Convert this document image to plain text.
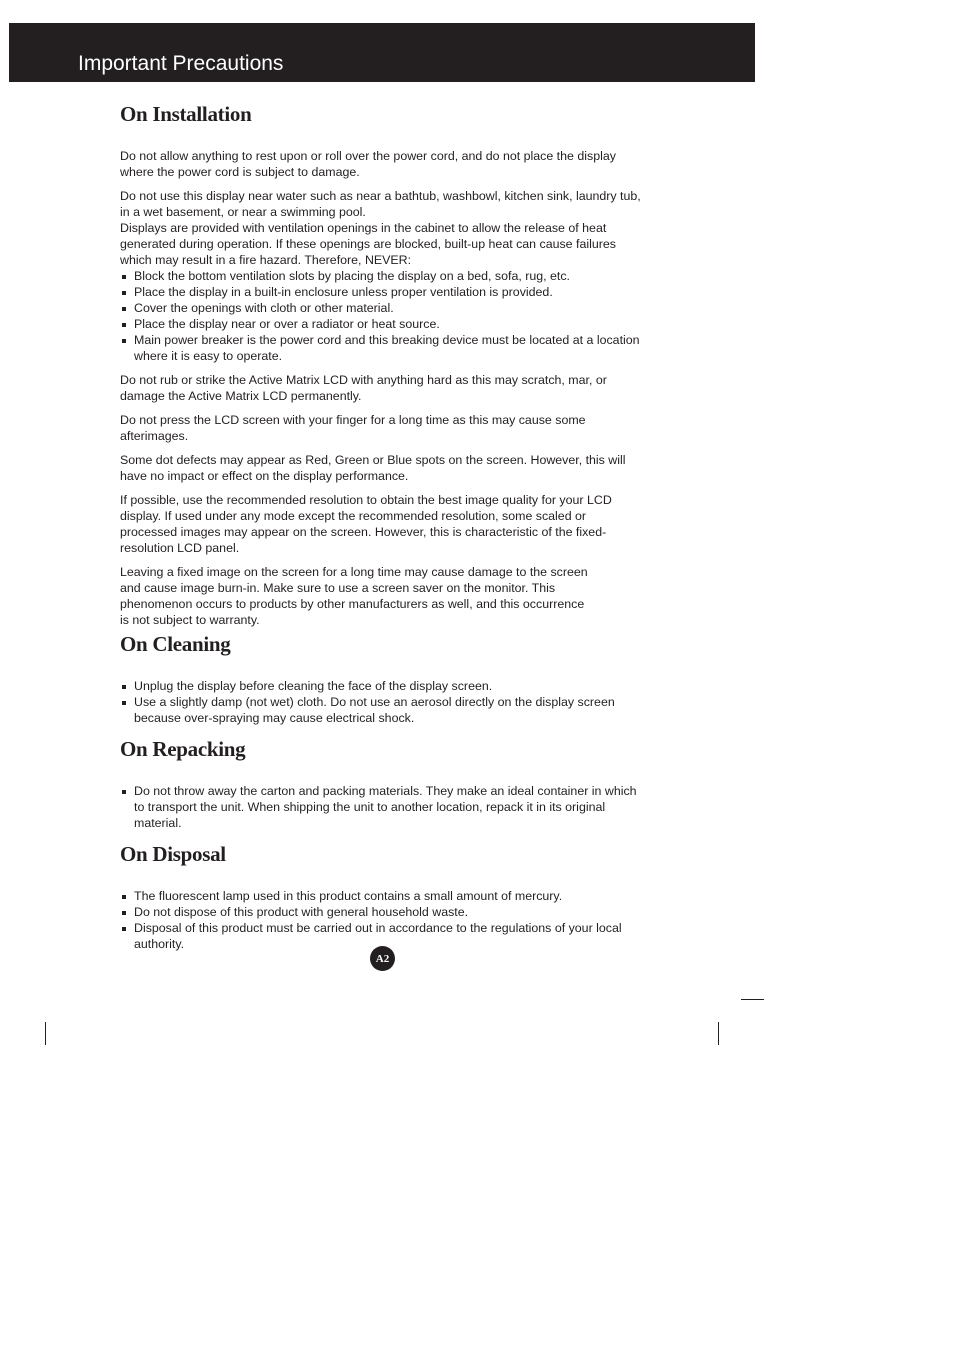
Important Precautions
On Installation

Do not allow anything to rest upon or roll over the power cord, and do not place the display where the power cord is subject to damage.

Do not use this display near water such as near a bathtub, washbowl, kitchen sink, laundry tub, in a wet basement, or near a swimming pool.

Displays are provided with ventilation openings in the cabinet to allow the release of heat generated during operation. If these openings are blocked, built-up heat can cause failures which may result in a fire hazard. Therefore, NEVER:

Block the bottom ventilation slots by placing the display on a bed, sofa, rug, etc.
Place the display in a built-in enclosure unless proper ventilation is provided.
Cover the openings with cloth or other material.
Place the display near or over a radiator or heat source.
Main power breaker is the power cord and this breaking device must be located at a location where it is easy to operate.

Do not rub or strike the Active Matrix LCD with anything hard as this may scratch, mar, or damage the Active Matrix LCD permanently.

Do not press the LCD screen with your finger for a long time as this may cause some afterimages.

Some dot defects may appear as Red, Green or Blue spots on the screen. However, this will have no impact or effect on the display performance.

If possible, use the recommended resolution to obtain the best image quality for your LCD display. If used under any mode except the recommended resolution, some scaled or processed images may appear on the screen. However, this is characteristic of the fixed-resolution LCD panel.

Leaving a fixed image on the screen for a long time may cause damage to the screen and cause image burn-in. Make sure to use a screen saver on the monitor. This phenomenon occurs to products by other manufacturers as well, and this occurrence is not subject to warranty.

On Cleaning
Unplug the display before cleaning the face of the display screen.
Use a slightly damp (not wet) cloth. Do not use an aerosol directly on the display screen because over-spraying may cause electrical shock.
On Repacking
Do not throw away the carton and packing materials. They make an ideal container in which to transport the unit. When shipping the unit to another location, repack it in its original material.
On Disposal
The fluorescent lamp used in this product contains a small amount of mercury.
Do not dispose of this product with general household waste.
Disposal of this product must be carried out in accordance to the regulations of your local authority.
A2
